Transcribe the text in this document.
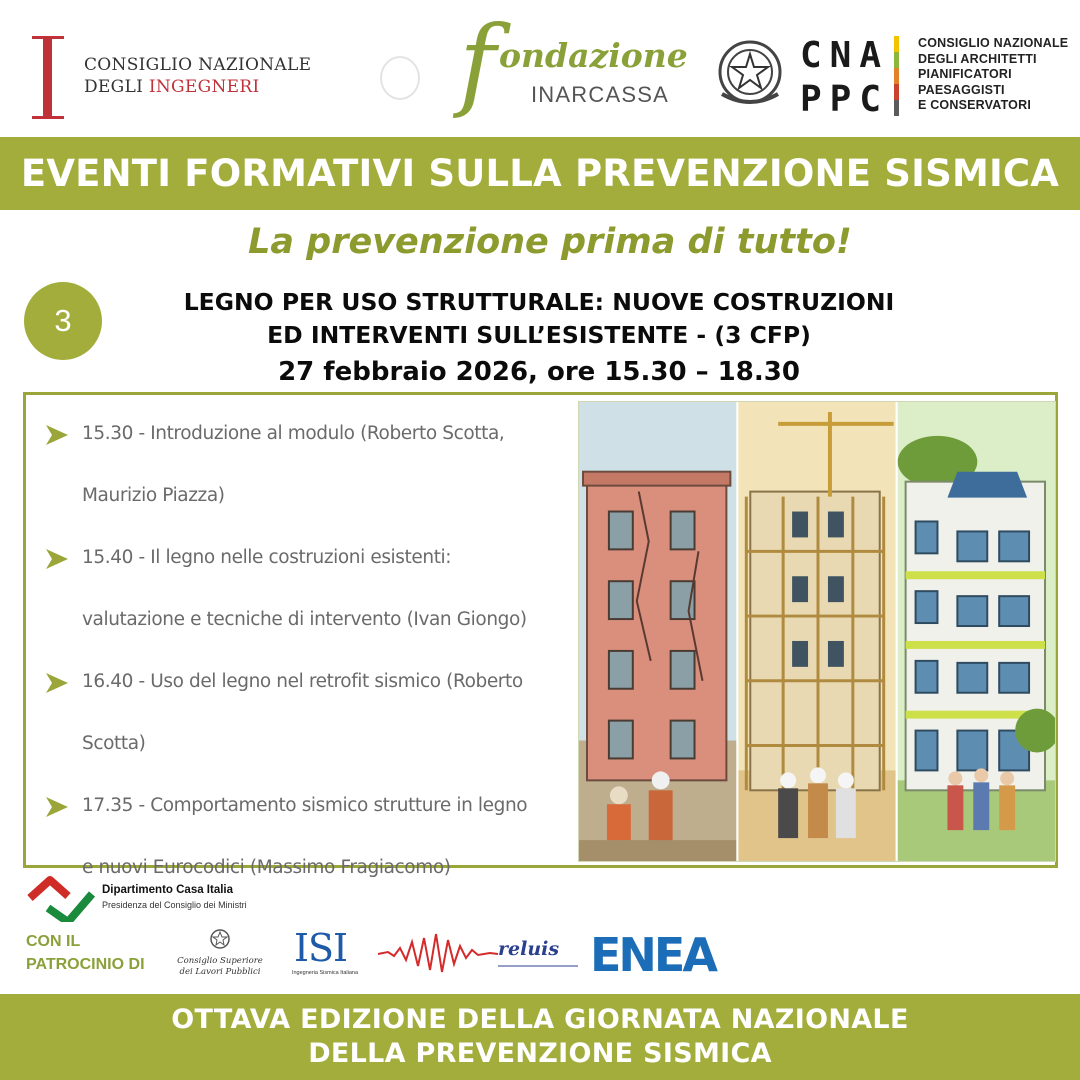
CONSIGLIO NAZIONALE
DEGLI INGEGNERI	f ondazione
INARCASSA
CNA
PPC
CONSIGLIO NAZIONALE
DEGLI ARCHITETTI
PIANIFICATORI
PAESAGGISTI
E CONSERVATORI
EVENTI FORMATIVI SULLA PREVENZIONE SISMICA
La prevenzione prima di tutto!
3
LEGNO PER USO STRUTTURALE: NUOVE COSTRUZIONI
ED INTERVENTI SULL’ESISTENTE - (3 CFP)
27 febbraio 2026, ore 15.30 – 18.30
15.30 - Introduzione al modulo (Roberto Scotta,
Maurizio Piazza)
15.40 - Il legno nelle costruzioni esistenti:
valutazione e tecniche di intervento (Ivan Giongo)
16.40 - Uso del legno nel retrofit sismico (Roberto
Scotta)
17.35 - Comportamento sismico strutture in legno
e nuovi Eurocodici (Massimo Fragiacomo)
Dipartimento Casa Italia
Presidenza del Consiglio dei Ministri
CON IL
PATROCINIO DI	Consiglio Superiore
dei Lavori Pubblici
ISI
Ingegneria Sismica Italiana
reluis ENEA
OTTAVA EDIZIONE DELLA GIORNATA NAZIONALE
DELLA PREVENZIONE SISMICA
